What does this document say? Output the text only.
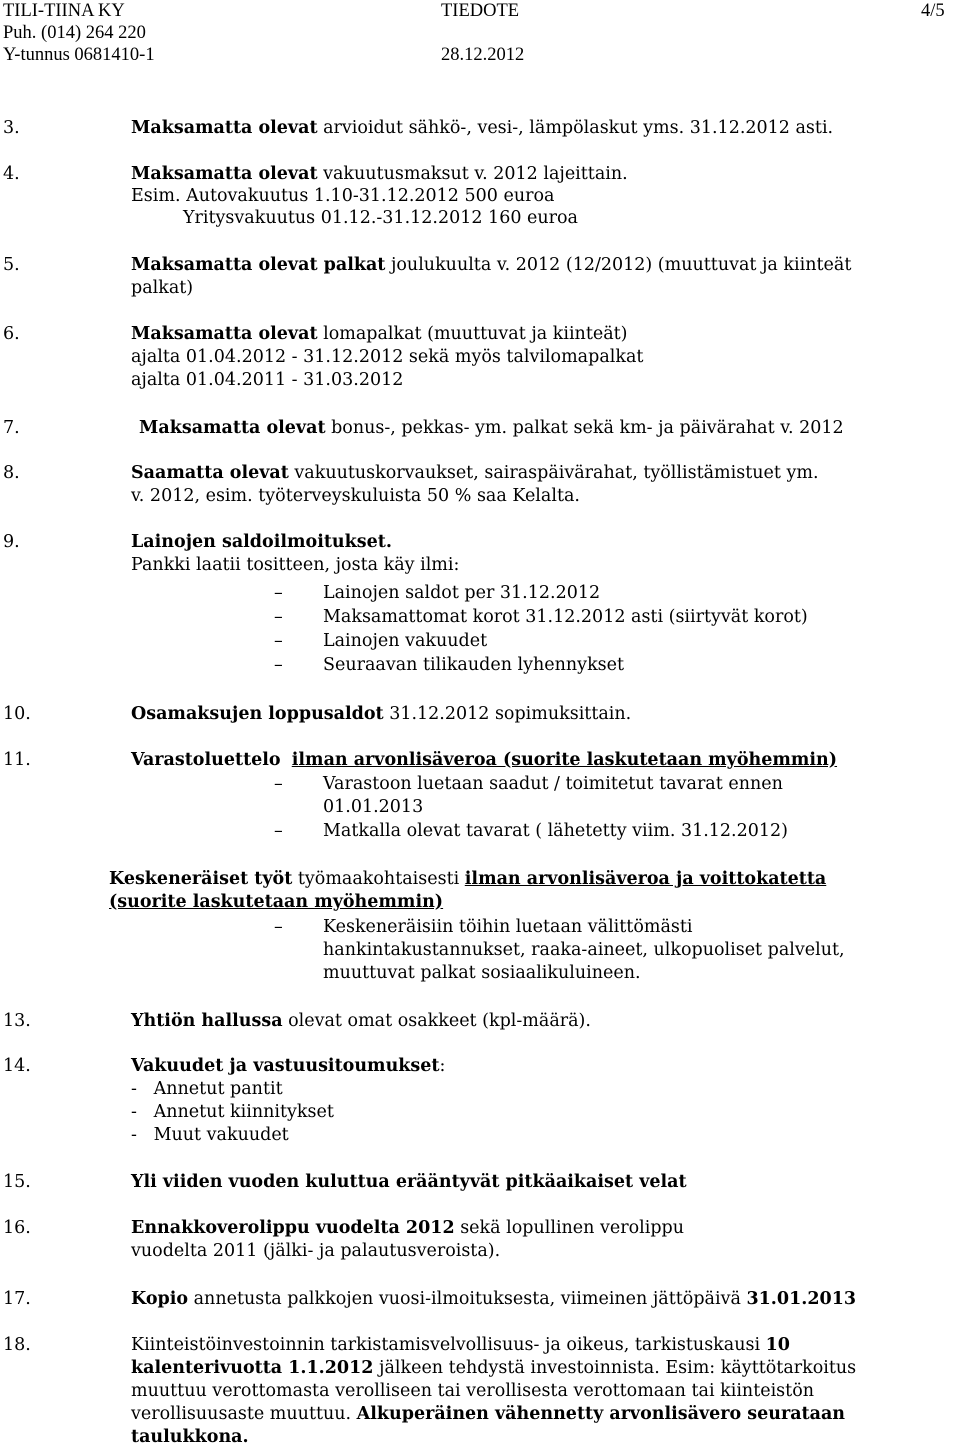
TILI-TIINA KY
Puh. (014) 264 220
Y-tunnus 0681410-1
TIEDOTE
28.12.2012
4/5
3.	Maksamatta olevat arvioidut sähkö-, vesi-, lämpölaskut yms. 31.12.2012 asti.
4.	Maksamatta olevat vakuutusmaksut v. 2012 lajeittain.
Esim. Autovakuutus 1.10-31.12.2012 500 euroa
Yritysvakuutus 01.12.-31.12.2012 160 euroa
5.	Maksamatta olevat palkat joulukuulta v. 2012 (12/2012) (muuttuvat ja kiinteät
palkat)
6.	Maksamatta olevat lomapalkat (muuttuvat ja kiinteät)
ajalta 01.04.2012 - 31.12.2012 sekä myös talvilomapalkat
ajalta 01.04.2011 - 31.03.2012
7.	Maksamatta olevat bonus-, pekkas- ym. palkat sekä km- ja päivärahat v. 2012
8.	Saamatta olevat vakuutuskorvaukset, sairaspäivärahat, työllistämistuet ym.
v. 2012, esim. työterveyskuluista 50 % saa Kelalta.
9.	Lainojen saldoilmoitukset.
Pankki laatii tositteen, josta käy ilmi:
– Lainojen saldot per 31.12.2012
– Maksamattomat korot 31.12.2012 asti (siirtyvät korot)
– Lainojen vakuudet
– Seuraavan tilikauden lyhennykset
10.	Osamaksujen loppusaldot 31.12.2012 sopimuksittain.
11.	Varastoluettelo ilman arvonlisäveroa (suorite laskutetaan myöhemmin)
– Varastoon luetaan saadut / toimitetut tavarat ennen
01.01.2013
– Matkalla olevat tavarat ( lähetetty viim. 31.12.2012)
Keskeneräiset työt työmaakohtaisesti ilman arvonlisäveroa ja voittokatetta
(suorite laskutetaan myöhemmin)
– Keskeneräisiin töihin luetaan välittömästi
hankintakustannukset, raaka-aineet, ulkopuoliset palvelut,
muuttuvat palkat sosiaalikuluineen.
13.	Yhtiön hallussa olevat omat osakkeet (kpl-määrä).
14.	Vakuudet ja vastuusitoumukset:
-   Annetut pantit
-   Annetut kiinnitykset
-   Muut vakuudet
15.	Yli viiden vuoden kuluttua erääntyvät pitkäaikaiset velat
16.	Ennakkoverolippu vuodelta 2012 sekä lopullinen verolippu
vuodelta 2011 (jälki- ja palautusveroista).
17.	Kopio annetusta palkkojen vuosi-ilmoituksesta, viimeinen jättöpäivä 31.01.2013
18.	Kiinteistöinvestoinnin tarkistamisvelvollisuus- ja oikeus, tarkistuskausi 10
kalenterivuotta 1.1.2012 jälkeen tehdystä investoinnista. Esim: käyttötarkoitus
muuttuu verottomasta verolliseen tai verollisesta verottomaan tai kiinteistön
verollisuusaste muuttuu. Alkuperäinen vähennetty arvonlisävero seurataan
taulukkona.
